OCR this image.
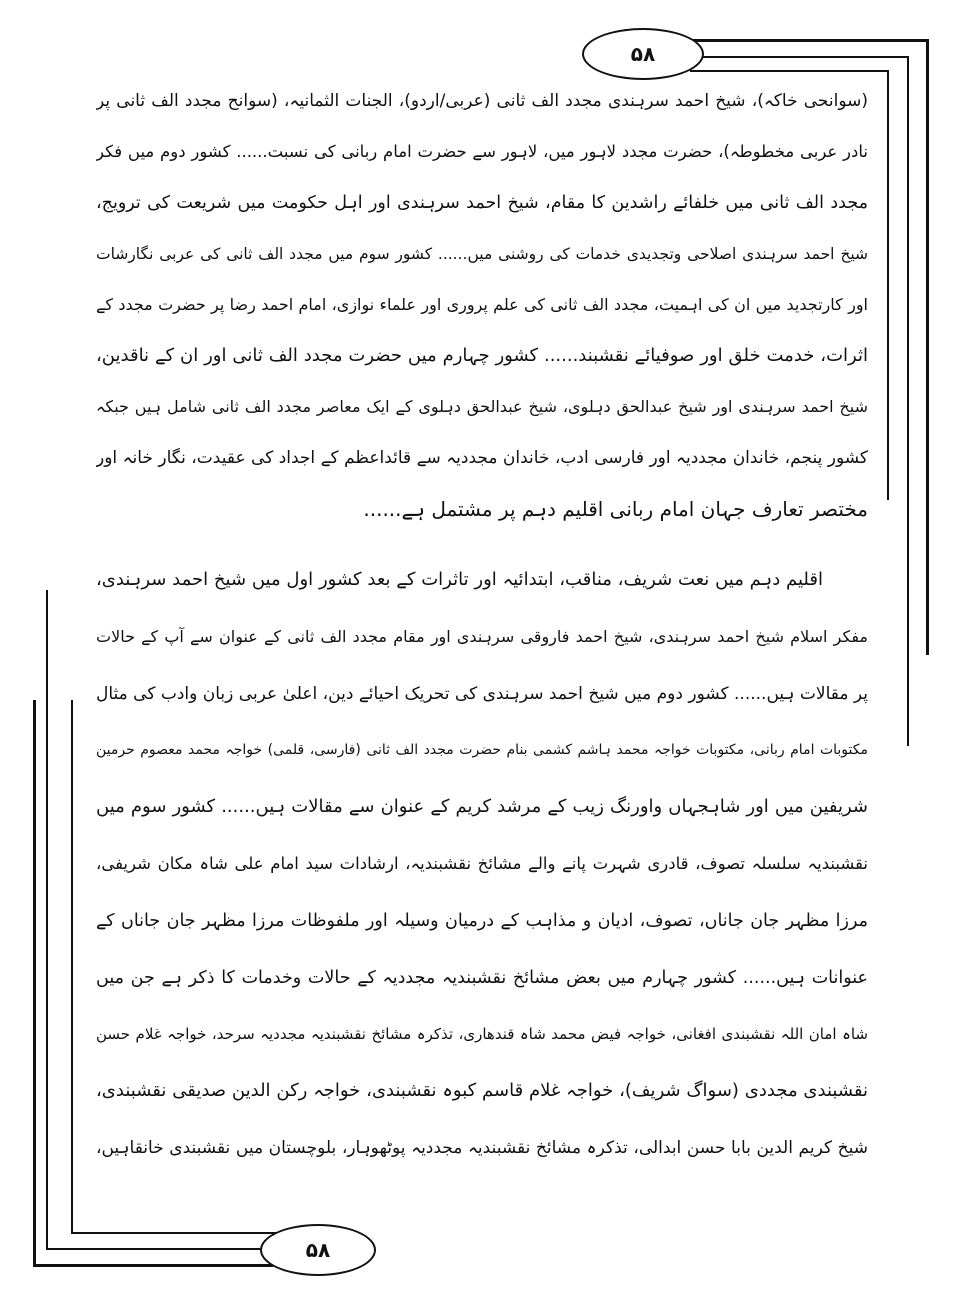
۵۸
۵۸
(سوانحی خاکہ)، شیخ احمد سرہندی مجدد الف ثانی (عربی/اردو)، الجنات الثمانیہ، (سوانح مجدد الف ثانی پر
نادر عربی مخطوطہ)، حضرت مجدد لاہور میں، لاہور سے حضرت امام ربانی کی نسبت...... کشور دوم میں فکر
مجدد الف ثانی میں خلفائے راشدین کا مقام، شیخ احمد سرہندی اور اہل حکومت میں شریعت کی ترویج،
شیخ احمد سرہندی اصلاحی وتجدیدی خدمات کی روشنی میں...... کشور سوم میں مجدد الف ثانی کی عربی نگارشات
اور کارتجدید میں ان کی اہمیت، مجدد الف ثانی کی علم پروری اور علماء نوازی، امام احمد رضا پر حضرت مجدد کے
اثرات، خدمت خلق اور صوفیائے نقشبند...... کشور چہارم میں حضرت مجدد الف ثانی اور ان کے ناقدین،
شیخ احمد سرہندی اور شیخ عبدالحق دہلوی، شیخ عبدالحق دہلوی کے ایک معاصر مجدد الف ثانی شامل ہیں جبکہ
کشور پنجم، خاندان مجددیہ اور فارسی ادب، خاندان مجددیہ سے قائداعظم کے اجداد کی عقیدت، نگار خانہ اور
مختصر تعارف جہان امام ربانی اقلیم دہم پر مشتمل ہے......
اقلیم دہم میں نعت شریف، مناقب، ابتدائیہ اور تاثرات کے بعد کشور اول میں شیخ احمد سرہندی،
مفکر اسلام شیخ احمد سرہندی، شیخ احمد فاروقی سرہندی اور مقام مجدد الف ثانی کے عنوان سے آپ کے حالات
پر مقالات ہیں...... کشور دوم میں شیخ احمد سرہندی کی تحریک احیائے دین، اعلیٰ عربی زبان وادب کی مثال
مکتوبات امام ربانی، مکتوبات خواجہ محمد ہاشم کشمی بنام حضرت مجدد الف ثانی (فارسی، قلمی) خواجہ محمد معصوم حرمین
شریفین میں اور شاہجہاں واورنگ زیب کے مرشد کریم کے عنوان سے مقالات ہیں...... کشور سوم میں
نقشبندیہ سلسلہ تصوف، قادری شہرت پانے والے مشائخ نقشبندیہ، ارشادات سید امام علی شاہ مکان شریفی،
مرزا مظہر جان جاناں، تصوف، ادیان و مذاہب کے درمیان وسیلہ اور ملفوظات مرزا مظہر جان جاناں کے
عنوانات ہیں...... کشور چہارم میں بعض مشائخ نقشبندیہ مجددیہ کے حالات وخدمات کا ذکر ہے جن میں
شاہ امان اللہ نقشبندی افغانی، خواجہ فیض محمد شاہ قندھاری، تذکرہ مشائخ نقشبندیہ مجددیہ سرحد، خواجہ غلام حسن
نقشبندی مجددی (سواگ شریف)، خواجہ غلام قاسم کبوہ نقشبندی، خواجہ رکن الدین صدیقی نقشبندی،
شیخ کریم الدین بابا حسن ابدالی، تذکرہ مشائخ نقشبندیہ مجددیہ پوٹھوہار، بلوچستان میں نقشبندی خانقاہیں،
